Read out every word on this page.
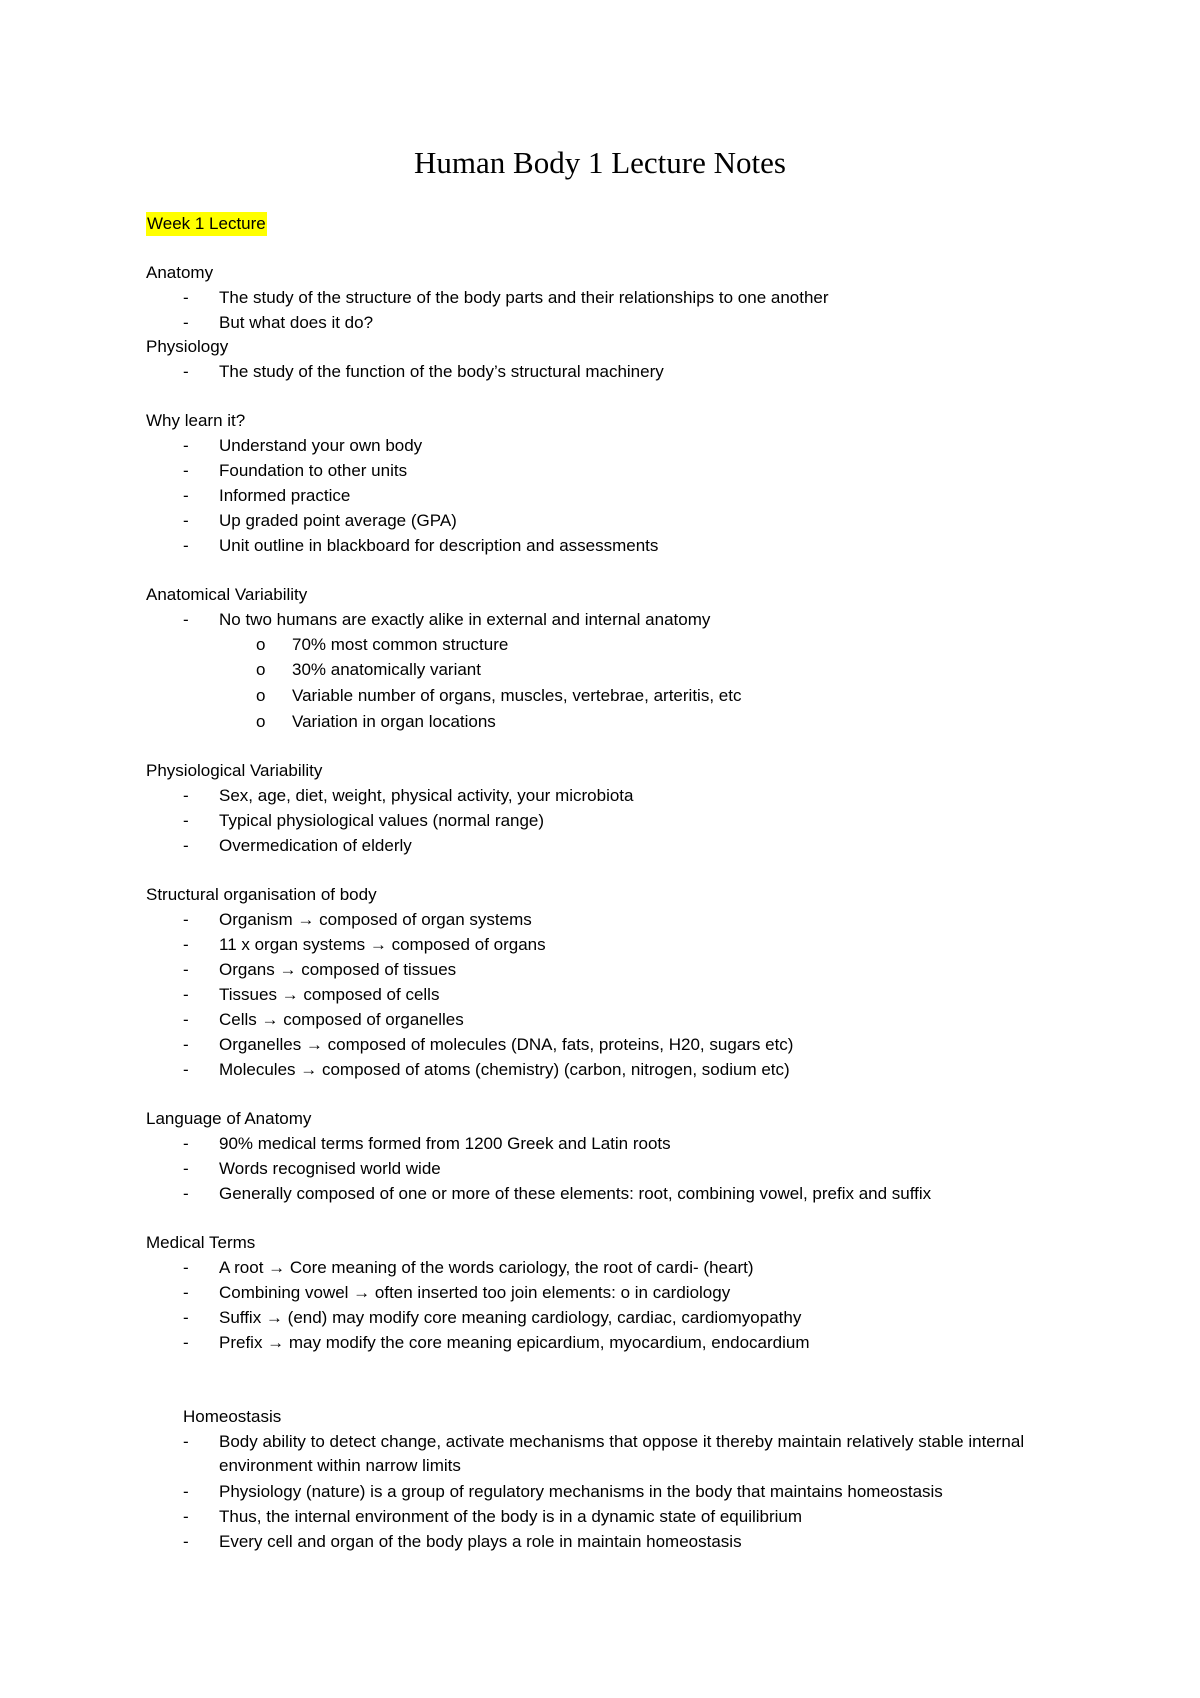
Human Body 1 Lecture Notes
Week 1 Lecture
Anatomy
- The study of the structure of the body parts and their relationships to one another
- But what does it do?
Physiology
- The study of the function of the body’s structural machinery
Why learn it?
- Understand your own body
- Foundation to other units
- Informed practice
- Up graded point average (GPA)
- Unit outline in blackboard for description and assessments
Anatomical Variability
- No two humans are exactly alike in external and internal anatomy
o 70% most common structure
o 30% anatomically variant
o Variable number of organs, muscles, vertebrae, arteritis, etc
o Variation in organ locations
Physiological Variability
- Sex, age, diet, weight, physical activity, your microbiota
- Typical physiological values (normal range)
- Overmedication of elderly
Structural organisation of body
- Organism → composed of organ systems
- 11 x organ systems → composed of organs
- Organs → composed of tissues
- Tissues → composed of cells
- Cells → composed of organelles
- Organelles → composed of molecules (DNA, fats, proteins, H20, sugars etc)
- Molecules → composed of atoms (chemistry) (carbon, nitrogen, sodium etc)
Language of Anatomy
- 90% medical terms formed from 1200 Greek and Latin roots
- Words recognised world wide
- Generally composed of one or more of these elements: root, combining vowel, prefix and suffix
Medical Terms
- A root → Core meaning of the words cariology, the root of cardi- (heart)
- Combining vowel → often inserted too join elements: o in cardiology
- Suffix → (end) may modify core meaning cardiology, cardiac, cardiomyopathy
- Prefix → may modify the core meaning epicardium, myocardium, endocardium
Homeostasis
- Body ability to detect change, activate mechanisms that oppose it thereby maintain relatively stable internal environment within narrow limits
- Physiology (nature) is a group of regulatory mechanisms in the body that maintains homeostasis
- Thus, the internal environment of the body is in a dynamic state of equilibrium
- Every cell and organ of the body plays a role in maintain homeostasis
